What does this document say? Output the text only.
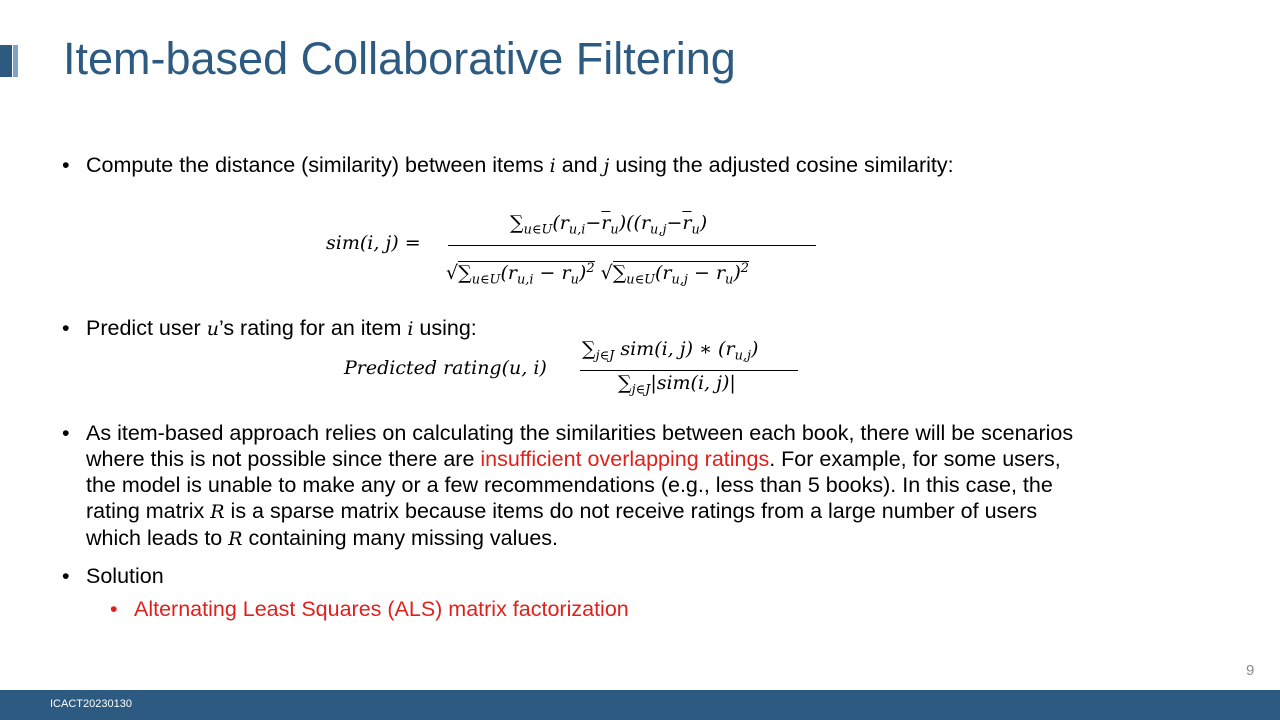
Item-based Collaborative Filtering
• Compute the distance (similarity) between items i and j using the adjusted cosine similarity:
sim(i, j) =
$\sum_{u\in U}(r_{u,i}-\overline{r}_u)((r_{u,j}-\overline{r}_u)$
$√\sum_{u\in U}(r_{u,i} - \overline{r}_u)^2$ $√\sum_{u\in U}(r_{u,j} - \overline{r}_u)^2$
• Predict user u’s rating for an item i using:
Predicted rating(u, i)
$\sum_{j\in J}$ sim(i, j) ∗ $(r_{u,j})$
$\sum_{j\in J}|sim(i$, j)|
• As item-based approach relies on calculating the similarities between each book, there will be scenarios
where this is not possible since there are insufficient overlapping ratings. For example, for some users,
the model is unable to make any or a few recommendations (e.g., less than 5 books). In this case, the
rating matrix R is a sparse matrix because items do not receive ratings from a large number of users
which leads to R containing many missing values.
• Solution
• Alternating Least Squares (ALS) matrix factorization
9
ICACT20230130
